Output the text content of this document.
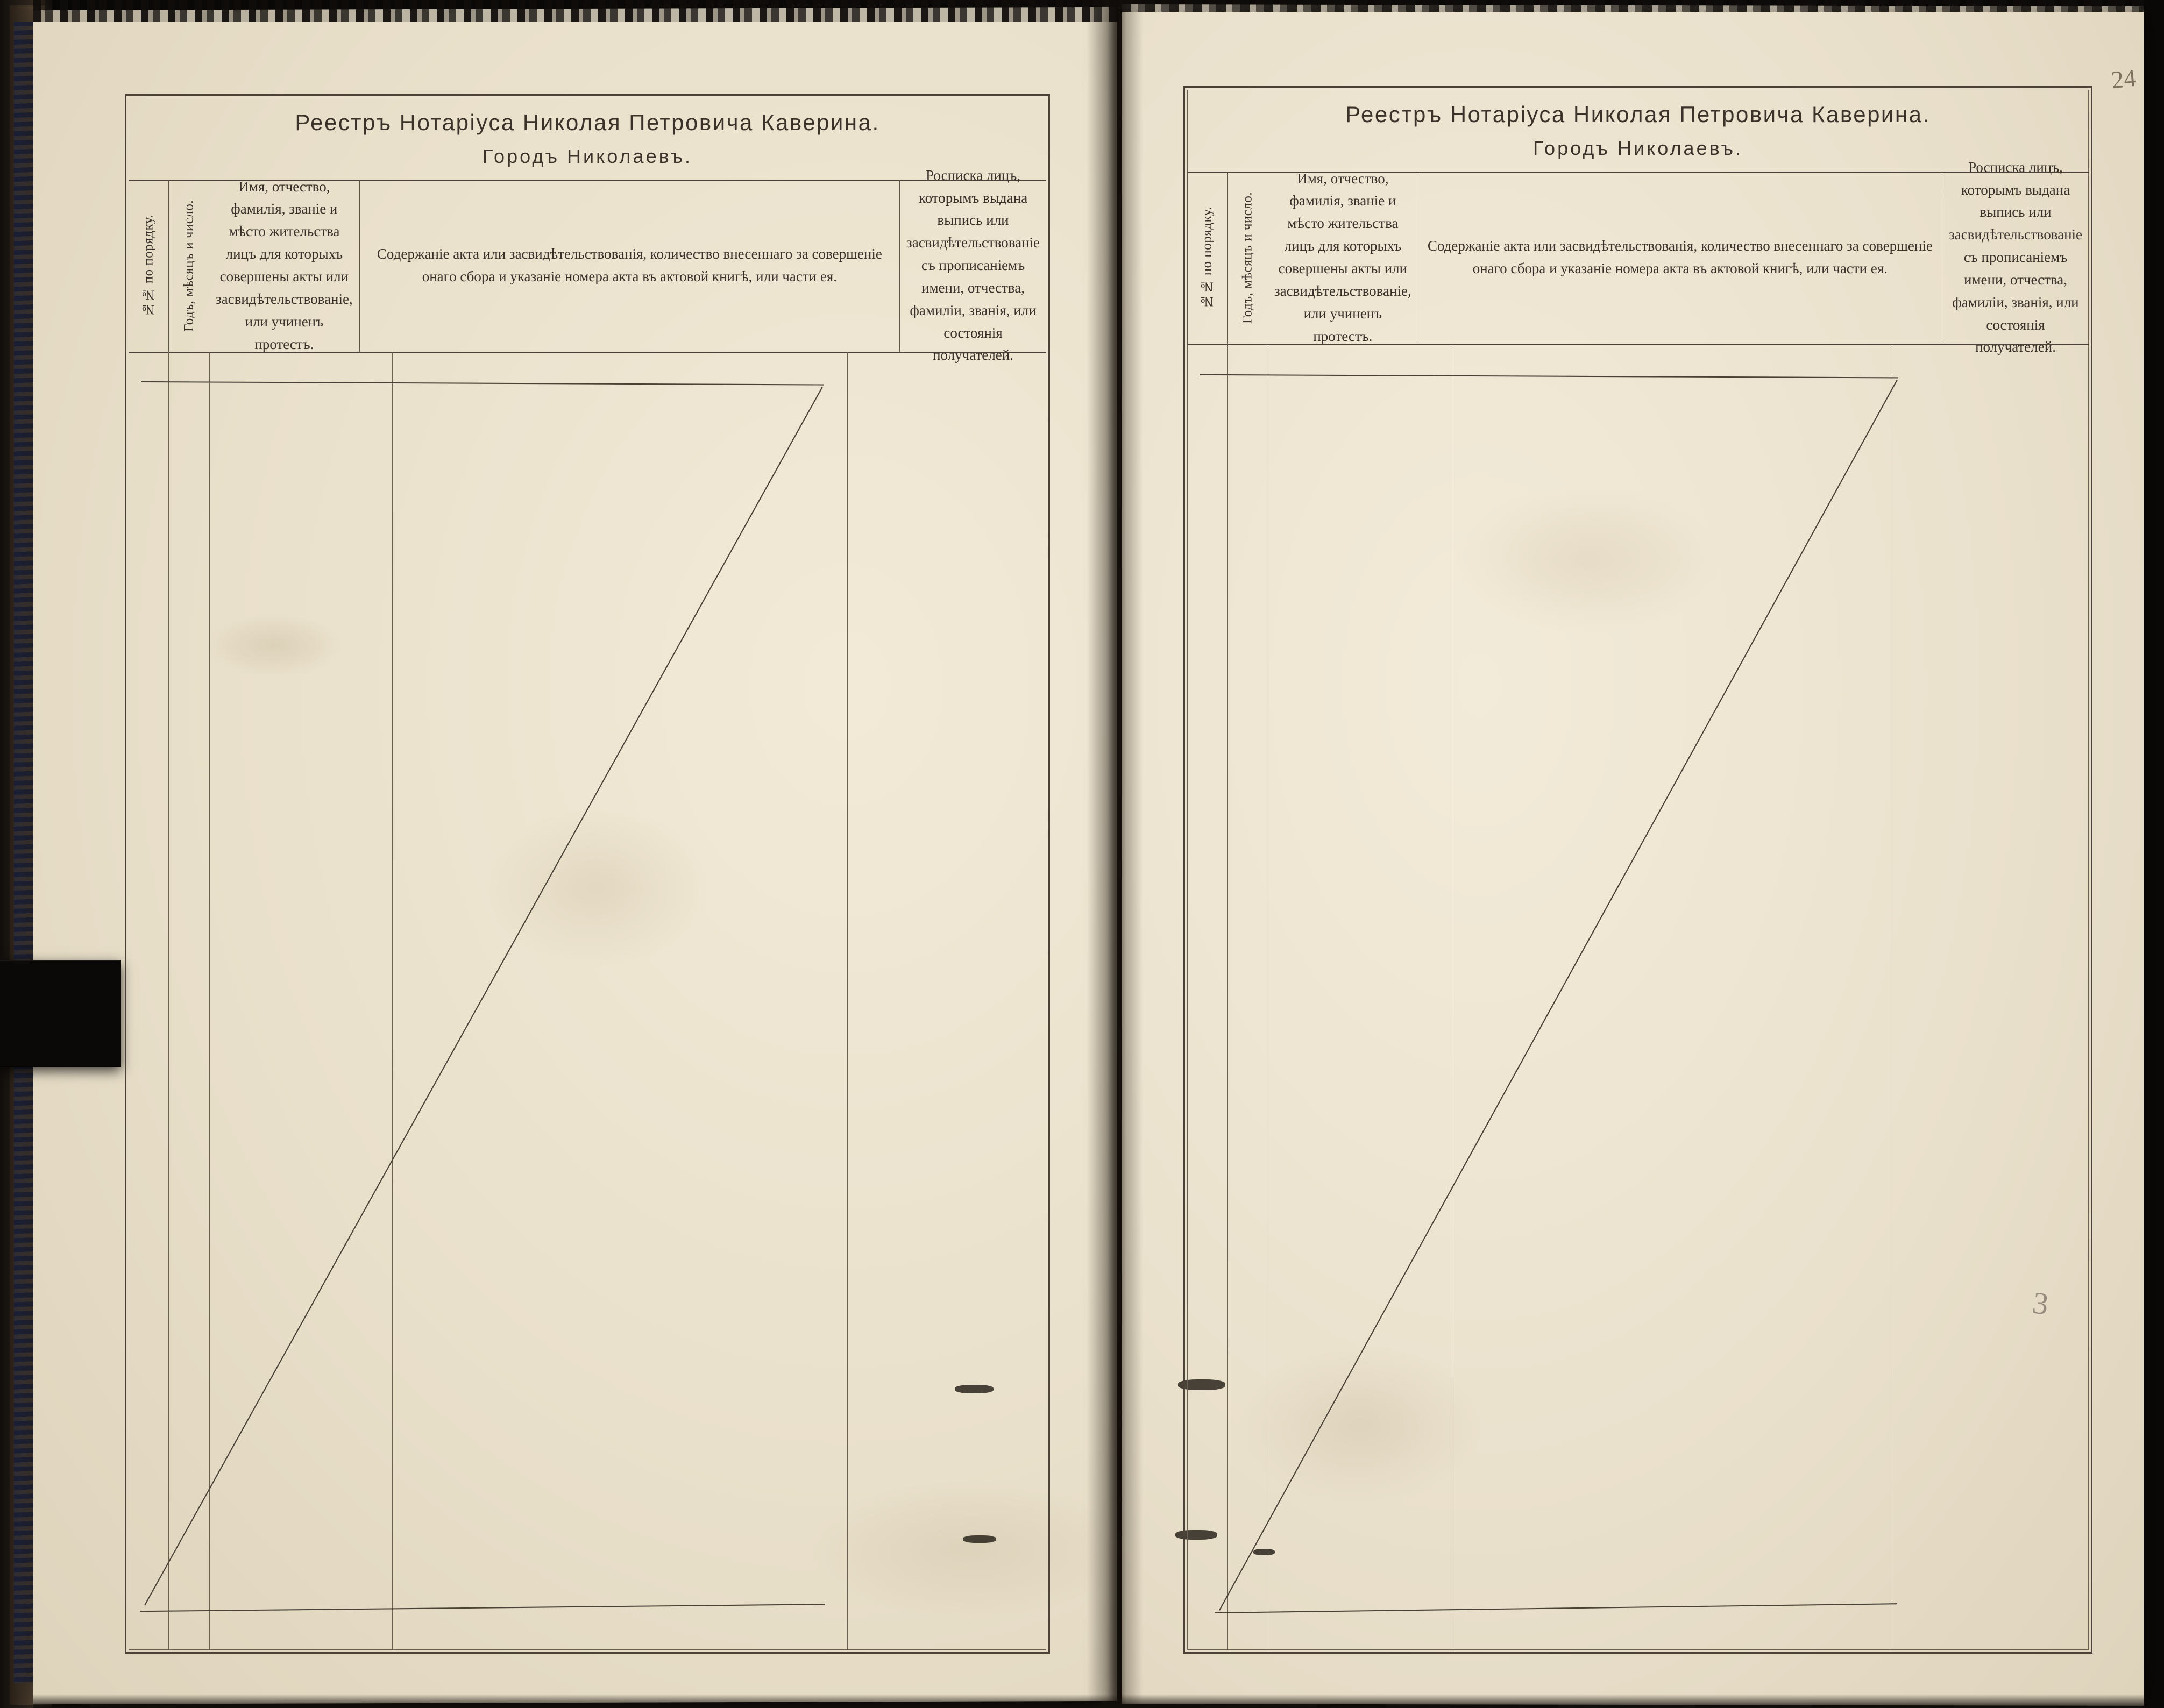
24
Реестръ Нотаріуса Николая Петровича Каверина.
Городъ Николаевъ.
№№ по порядку.	Годъ, мѣсяцъ и число.
Имя, отчество, фамилія, званіе и мѣсто жительства лицъ для которыхъ совершены акты или засвидѣтельствованіе, или учиненъ протестъ.
Содержаніе акта или засвидѣтельствованія, количество внесеннаго за совершеніе онаго сбора и указаніе номера акта въ актовой книгѣ, или части ея.
Росписка лицъ, которымъ выдана выпись или засвидѣтельствованіе съ прописаніемъ имени, отчества, фамиліи, званія, или состоянія получателей.
Реестръ Нотаріуса Николая Петровича Каверина.
Городъ Николаевъ.
№№ по порядку.	Годъ, мѣсяцъ и число.
Имя, отчество, фамилія, званіе и мѣсто жительства лицъ для которыхъ совершены акты или засвидѣтельствованіе, или учиненъ протестъ.
Содержаніе акта или засвидѣтельствованія, количество внесеннаго за совершеніе онаго сбора и указаніе номера акта въ актовой книгѣ, или части ея.
Росписка лицъ, которымъ выдана выпись или засвидѣтельствованіе съ прописаніемъ имени, отчества, фамиліи, званія, или состоянія получателей.
3
